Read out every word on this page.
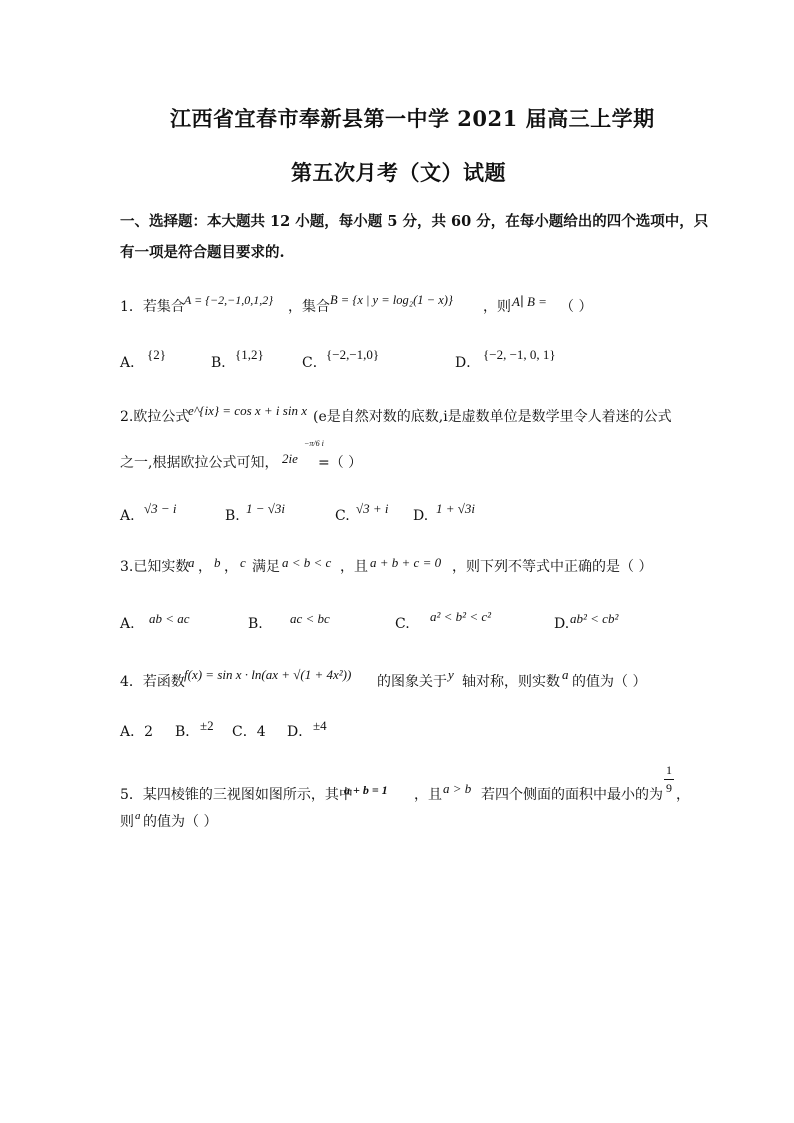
江西省宜春市奉新县第一中学 2021 届高三上学期
第五次月考（文）试题
一、选择题：本大题共 12 小题，每小题 5 分，共 60 分，在每小题给出的四个选项中，只
有一项是符合题目要求的.
1．若集合 A = {−2,−1,0,1,2} ，集合 B = {x | y = log₂(1 − x)} ，则 A∣ B = （ ）
A．
{2}
B．
{1,2}
C．
{−2,−1,0}
D．
{−2, −1, 0, 1}
2.欧拉公式
e^{ix} = cos x + i sin x (e是自然对数的底数,i是虚数单位是数学里令人着迷的公式
之一,根据欧拉公式可知， 2ie
−π/6 i
=（ ）
A. √3 − i	B. 1 − √3i	C. √3 + i D. 1 + √3i
3.已知实数
a ， b ， c 满足 a < b < c ，且 a + b + c = 0 ，则下列不等式中正确的是（ ）
A. ab < ac	B. ac < bc	C. a² < b² < c²	D. ab² < cb²
4．若函数 f(x) = sin x · ln(ax + √(1 + 4x²)) 的图象关于 y 轴对称，则实数 a 的值为（ ）
A．2 B． ±2 C．4 D． ±4
5．某四棱锥的三视图如图所示，其中
a + b = 1 ，且 a > b 若四个侧面的面积中最小的为
1
9 ，
则 a 的值为（ ）
